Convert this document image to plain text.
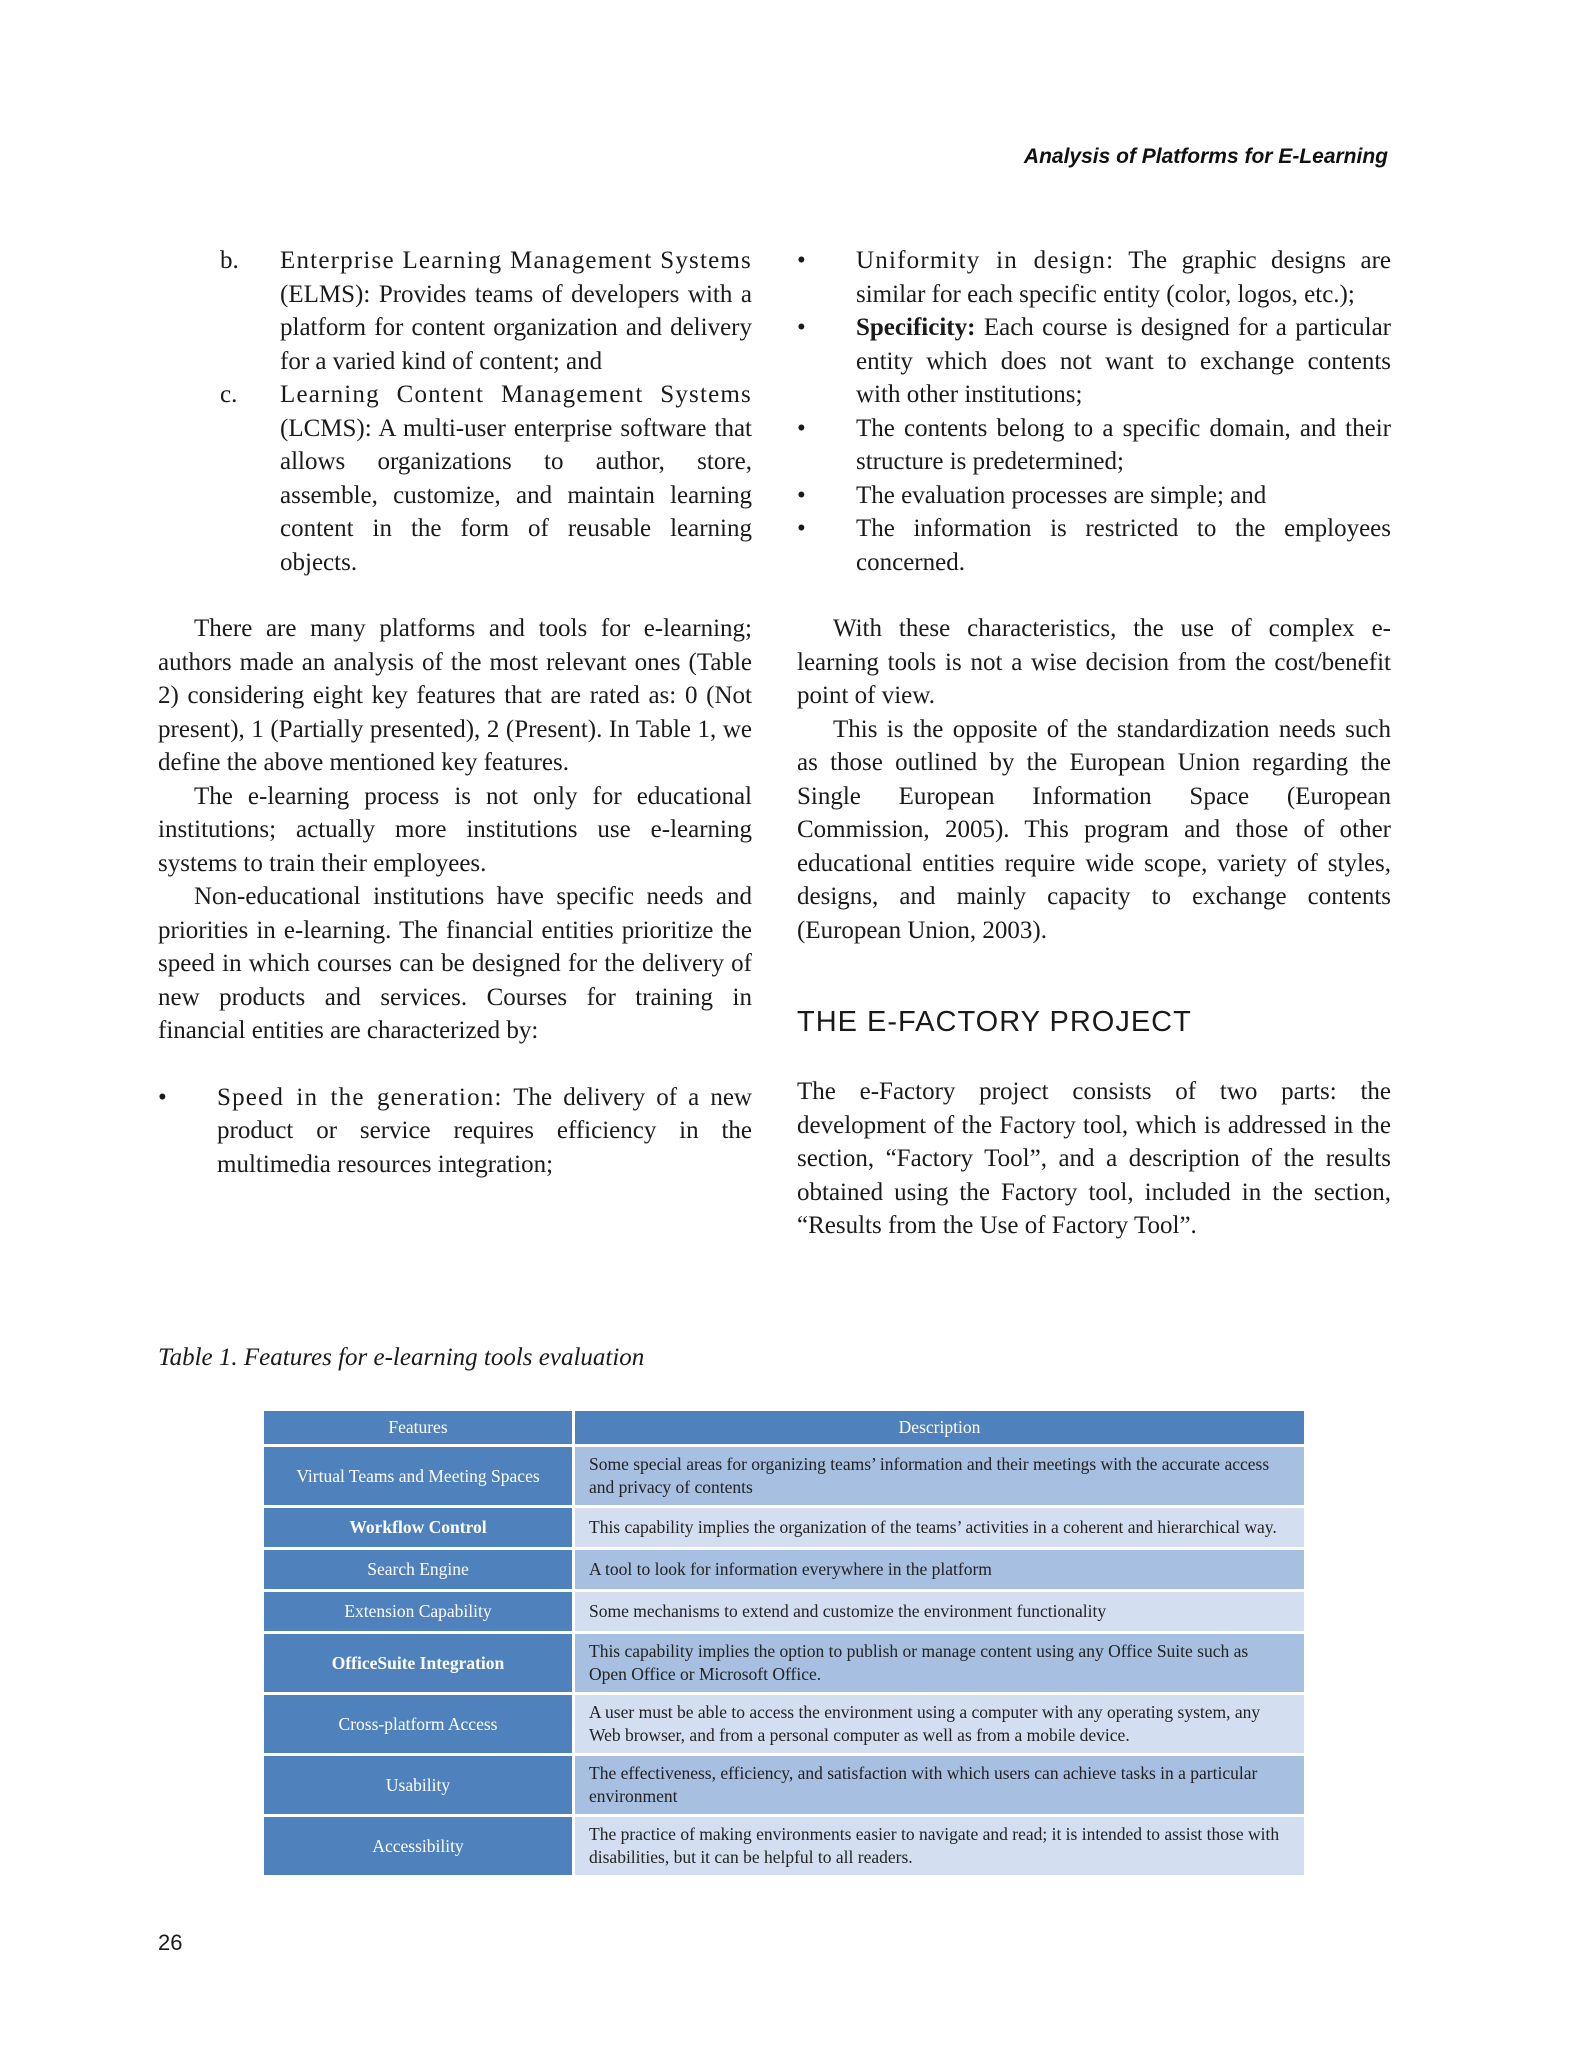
Analysis of Platforms for E-Learning
b. Enterprise Learning Management Systems (ELMS): Provides teams of developers with a platform for content organization and delivery for a varied kind of content; and
c. Learning Content Management Systems (LCMS): A multi-user enterprise software that allows organizations to author, store, assemble, customize, and maintain learning content in the form of reusable learning objects.

There are many platforms and tools for e-learning; authors made an analysis of the most relevant ones (Table 2) considering eight key features that are rated as: 0 (Not present), 1 (Partially presented), 2 (Present). In Table 1, we define the above mentioned key features.

The e-learning process is not only for educational institutions; actually more institutions use e-learning systems to train their employees.

Non-educational institutions have specific needs and priorities in e-learning. The financial entities prioritize the speed in which courses can be designed for the delivery of new products and services. Courses for training in financial entities are characterized by:

• Speed in the generation: The delivery of a new product or service requires efficiency in the multimedia resources integration;
• Uniformity in design: The graphic designs are similar for each specific entity (color, logos, etc.);
• Specificity: Each course is designed for a particular entity which does not want to exchange contents with other institutions;
• The contents belong to a specific domain, and their structure is predetermined;
• The evaluation processes are simple; and
• The information is restricted to the employees concerned.

With these characteristics, the use of complex e-learning tools is not a wise decision from the cost/benefit point of view.

This is the opposite of the standardization needs such as those outlined by the European Union regarding the Single European Information Space (European Commission, 2005). This program and those of other educational entities require wide scope, variety of styles, designs, and mainly capacity to exchange contents (European Union, 2003).

THE E-FACTORY PROJECT

The e-Factory project consists of two parts: the development of the Factory tool, which is addressed in the section, “Factory Tool”, and a description of the results obtained using the Factory tool, included in the section, “Results from the Use of Factory Tool”.

Table 1. Features for e-learning tools evaluation
Features	Description
Virtual Teams and Meeting Spaces	Some special areas for organizing teams’ information and their meetings with the accurate access and privacy of contents
Workflow Control	This capability implies the organization of the teams’ activities in a coherent and hierarchical way.
Search Engine	A tool to look for information everywhere in the platform
Extension Capability	Some mechanisms to extend and customize the environment functionality
OfficeSuite Integration	This capability implies the option to publish or manage content using any Office Suite such as Open Office or Microsoft Office.
Cross-platform Access	A user must be able to access the environment using a computer with any operating system, any Web browser, and from a personal computer as well as from a mobile device.
Usability	The effectiveness, efficiency, and satisfaction with which users can achieve tasks in a particular environment
Accessibility	The practice of making environments easier to navigate and read; it is intended to assist those with disabilities, but it can be helpful to all readers.
26
